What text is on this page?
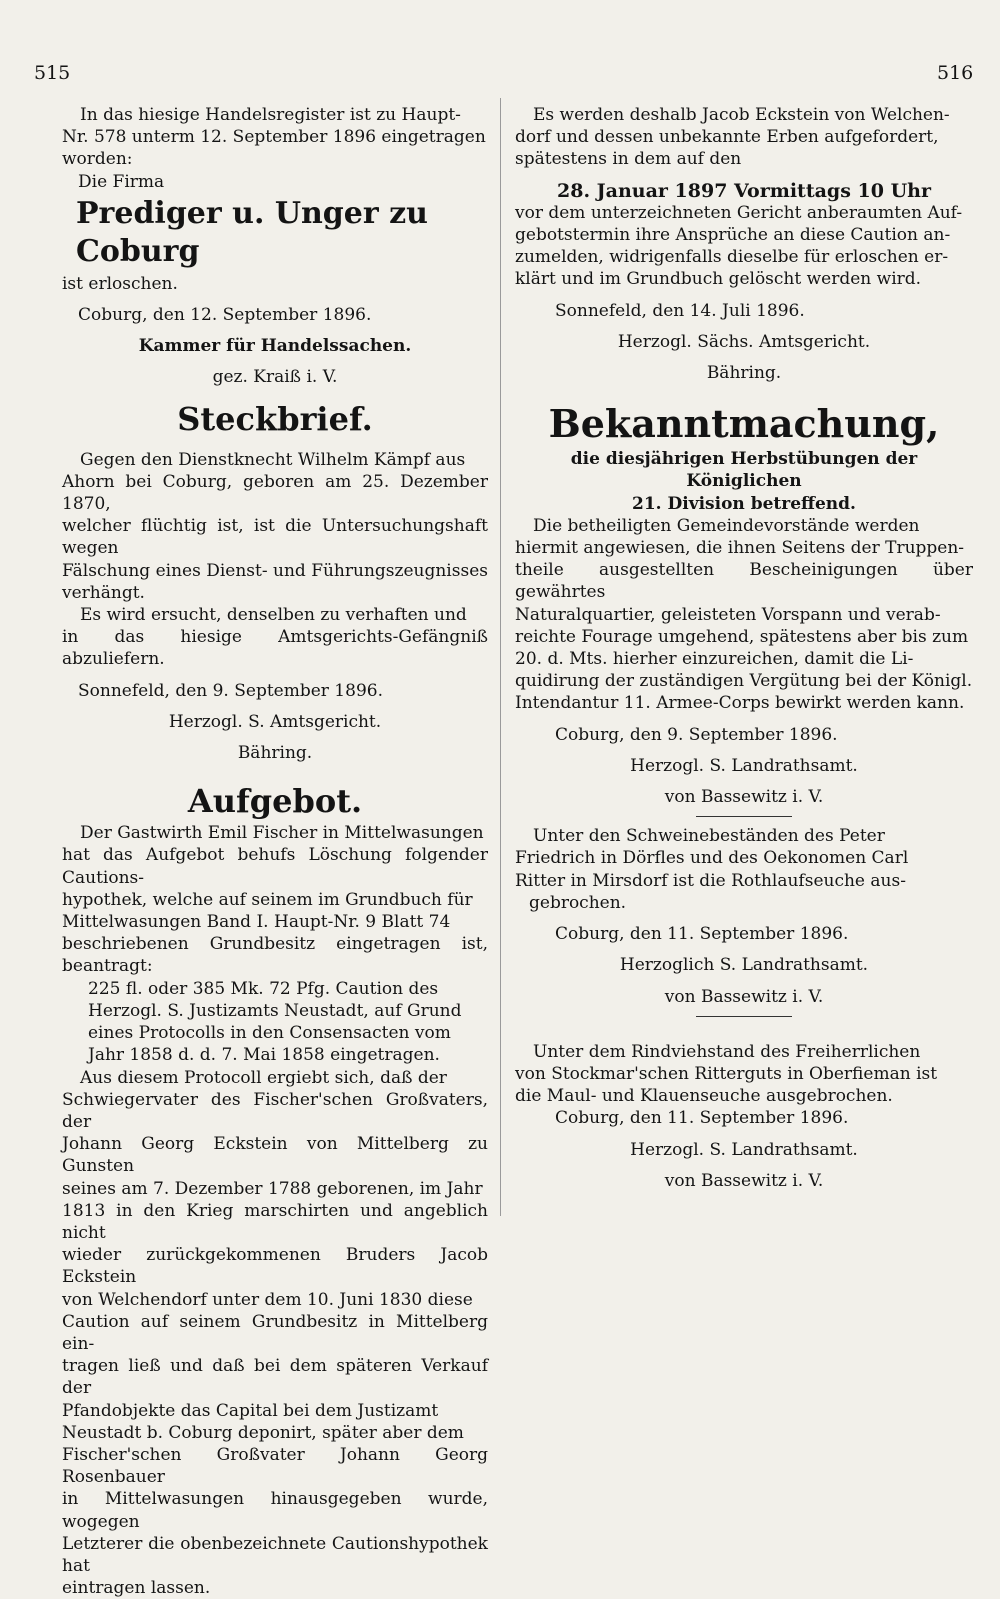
515	516

In das hiesige Handelsregister ist zu Haupt-

Nr. 578 unterm 12. September 1896 eingetragen

worden:

Die Firma

Prediger u. Unger zu Coburg

ist erloschen.

Coburg, den 12. September 1896.

Kammer für Handelssachen.

gez. Kraiß i. V.

Steckbrief.

Gegen den Dienstknecht Wilhelm Kämpf aus

Ahorn bei Coburg, geboren am 25. Dezember 1870,

welcher flüchtig ist, ist die Untersuchungshaft wegen

Fälschung eines Dienst- und Führungszeugnisses

verhängt.

Es wird ersucht, denselben zu verhaften und

in das hiesige Amtsgerichts-Gefängniß abzuliefern.

Sonnefeld, den 9. September 1896.

Herzogl. S. Amtsgericht.

Bähring.

Aufgebot.

Der Gastwirth Emil Fischer in Mittelwasungen

hat das Aufgebot behufs Löschung folgender Cautions-

hypothek, welche auf seinem im Grundbuch für

Mittelwasungen Band I. Haupt-Nr. 9 Blatt 74

beschriebenen Grundbesitz eingetragen ist, beantragt:

225 fl. oder 385 Mk. 72 Pfg. Caution des

Herzogl. S. Justizamts Neustadt, auf Grund

eines Protocolls in den Consensacten vom

Jahr 1858 d. d. 7. Mai 1858 eingetragen.

Aus diesem Protocoll ergiebt sich, daß der

Schwiegervater des Fischer'schen Großvaters, der

Johann Georg Eckstein von Mittelberg zu Gunsten

seines am 7. Dezember 1788 geborenen, im Jahr

1813 in den Krieg marschirten und angeblich nicht

wieder zurückgekommenen Bruders Jacob Eckstein

von Welchendorf unter dem 10. Juni 1830 diese

Caution auf seinem Grundbesitz in Mittelberg ein-

tragen ließ und daß bei dem späteren Verkauf der

Pfandobjekte das Capital bei dem Justizamt

Neustadt b. Coburg deponirt, später aber dem

Fischer'schen Großvater Johann Georg Rosenbauer

in Mittelwasungen hinausgegeben wurde, wogegen

Letzterer die obenbezeichnete Cautionshypothek hat

eintragen lassen.

Es werden deshalb Jacob Eckstein von Welchen-

dorf und dessen unbekannte Erben aufgefordert,

spätestens in dem auf den

28. Januar 1897 Vormittags 10 Uhr

vor dem unterzeichneten Gericht anberaumten Auf-

gebotstermin ihre Ansprüche an diese Caution an-

zumelden, widrigenfalls dieselbe für erloschen er-

klärt und im Grundbuch gelöscht werden wird.

Sonnefeld, den 14. Juli 1896.

Herzogl. Sächs. Amtsgericht.

Bähring.

Bekanntmachung,

die diesjährigen Herbstübungen der Königlichen

21. Division betreffend.

Die betheiligten Gemeindevorstände werden

hiermit angewiesen, die ihnen Seitens der Truppen-

theile ausgestellten Bescheinigungen über gewährtes

Naturalquartier, geleisteten Vorspann und verab-

reichte Fourage umgehend, spätestens aber bis zum

20. d. Mts. hierher einzureichen, damit die Li-

quidirung der zuständigen Vergütung bei der Königl.

Intendantur 11. Armee-Corps bewirkt werden kann.

Coburg, den 9. September 1896.

Herzogl. S. Landrathsamt.

von Bassewitz i. V.

Unter den Schweinebeständen des Peter

Friedrich in Dörfles und des Oekonomen Carl

Ritter in Mirsdorf ist die Rothlaufseuche aus-

gebrochen.

Coburg, den 11. September 1896.

Herzoglich S. Landrathsamt.

von Bassewitz i. V.

Unter dem Rindviehstand des Freiherrlichen

von Stockmar'schen Ritterguts in Oberfieman ist

die Maul- und Klauenseuche ausgebrochen.

Coburg, den 11. September 1896.

Herzogl. S. Landrathsamt.

von Bassewitz i. V.
